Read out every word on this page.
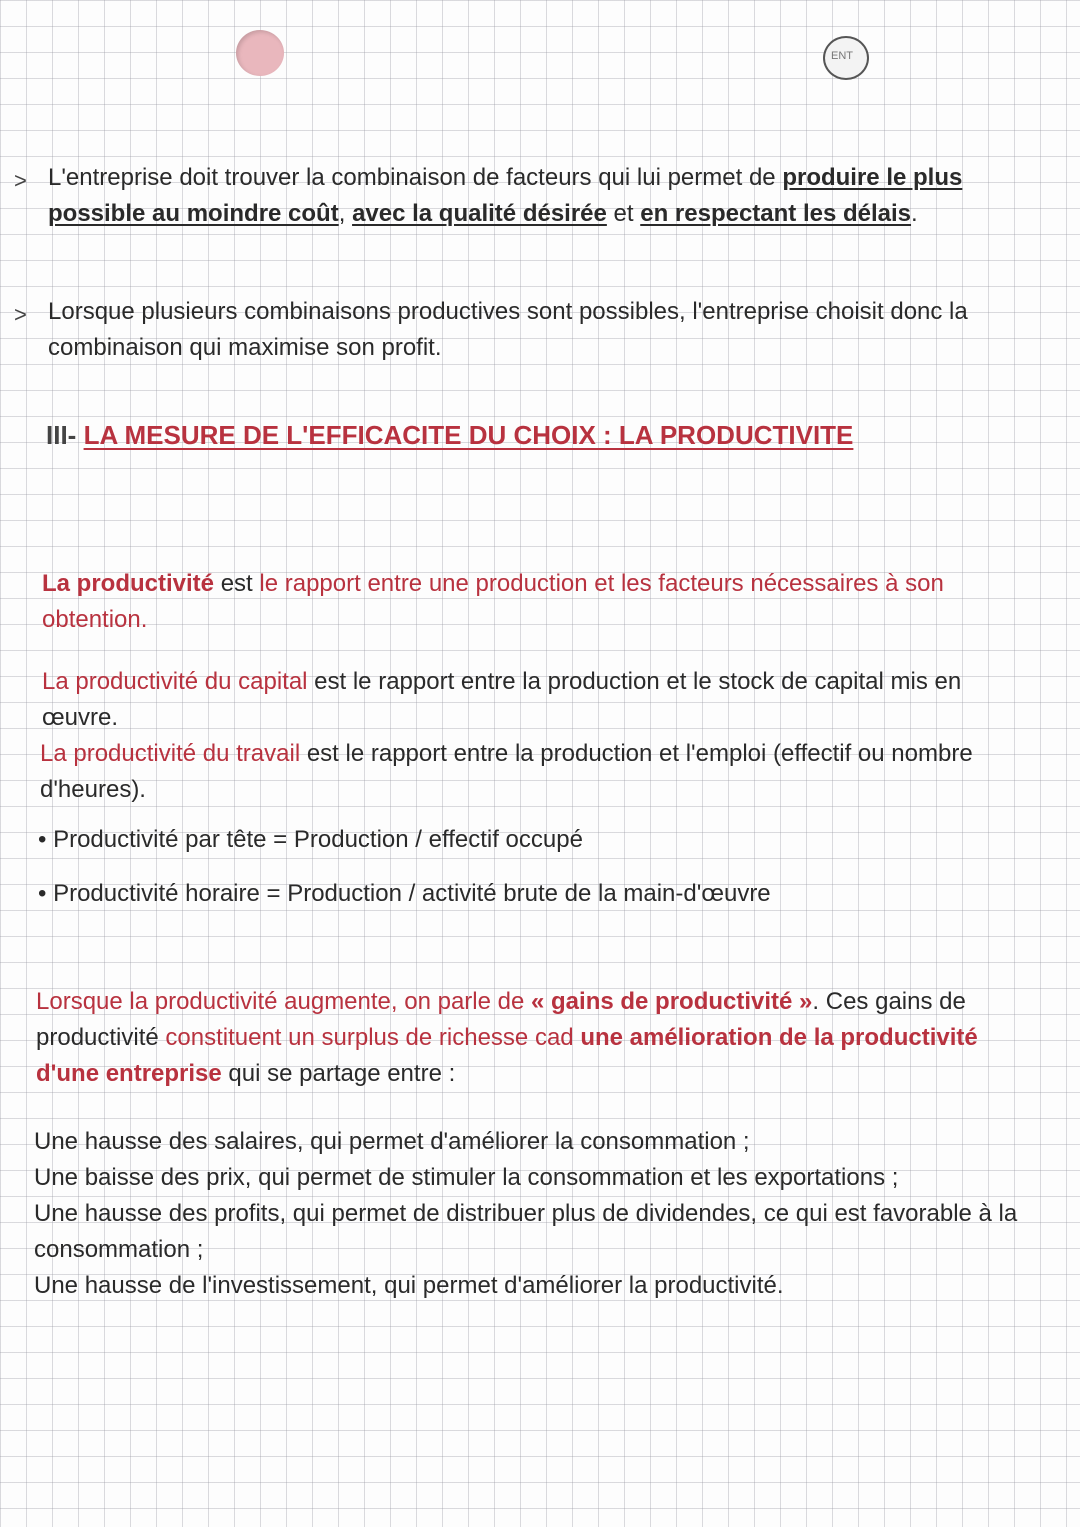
ENT
> L'entreprise doit trouver la combinaison de facteurs qui lui permet de produire le plus possible au moindre coût, avec la qualité désirée et en respectant les délais.
> Lorsque plusieurs combinaisons productives sont possibles, l'entreprise choisit donc la combinaison qui maximise son profit.
III- LA MESURE DE L'EFFICACITE DU CHOIX : LA PRODUCTIVITE
La productivité est le rapport entre une production et les facteurs nécessaires à son obtention.
La productivité du capital est le rapport entre la production et le stock de capital mis en œuvre.
La productivité du travail est le rapport entre la production et l'emploi (effectif ou nombre d'heures).
• Productivité par tête = Production / effectif occupé
• Productivité horaire = Production / activité brute de la main-d'œuvre
Lorsque la productivité augmente, on parle de « gains de productivité ». Ces gains de productivité constituent un surplus de richesse cad une amélioration de la productivité d'une entreprise qui se partage entre :
Une hausse des salaires, qui permet d'améliorer la consommation ;
Une baisse des prix, qui permet de stimuler la consommation et les exportations ;
Une hausse des profits, qui permet de distribuer plus de dividendes, ce qui est favorable à la consommation ;
Une hausse de l'investissement, qui permet d'améliorer la productivité.
